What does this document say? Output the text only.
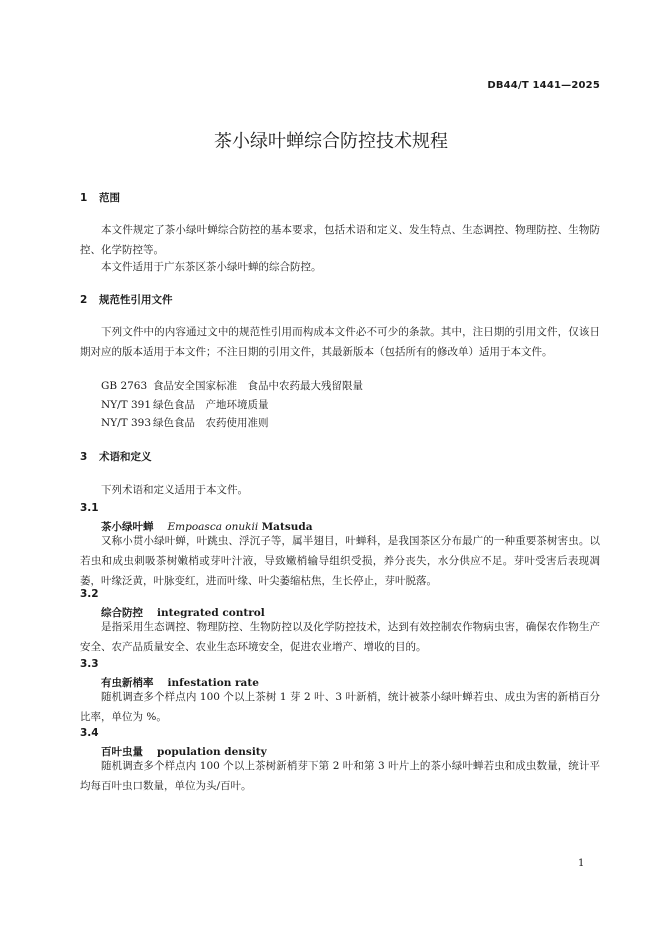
DB44/T 1441—2025
茶小绿叶蝉综合防控技术规程
1 范围

本文件规定了茶小绿叶蝉综合防控的基本要求，包括术语和定义、发生特点、生态调控、物理防控、生物防控、化学防控等。

本文件适用于广东茶区茶小绿叶蝉的综合防控。

2 规范性引用文件

下列文件中的内容通过文中的规范性引用而构成本文件必不可少的条款。其中，注日期的引用文件，仅该日期对应的版本适用于本文件；不注日期的引用文件，其最新版本（包括所有的修改单）适用于本文件。

GB 2763 食品安全国家标准　食品中农药最大残留限量
NY/T 391 绿色食品　产地环境质量
NY/T 393 绿色食品　农药使用准则
3 术语和定义

下列术语和定义适用于本文件。

3.1
茶小绿叶蝉 Empoasca onukii Matsuda

又称小贯小绿叶蝉，叶跳虫、浮沉子等，属半翅目，叶蝉科，是我国茶区分布最广的一种重要茶树害虫。以若虫和成虫刺吸茶树嫩梢或芽叶汁液，导致嫩梢输导组织受损，养分丧失，水分供应不足。芽叶受害后表现凋萎，叶缘泛黄，叶脉变红，进而叶缘、叶尖萎缩枯焦，生长停止，芽叶脱落。

3.2
综合防控 integrated control

是指采用生态调控、物理防控、生物防控以及化学防控技术，达到有效控制农作物病虫害，确保农作物生产安全、农产品质量安全、农业生态环境安全，促进农业增产、增收的目的。

3.3
有虫新梢率 infestation rate

随机调查多个样点内 100 个以上茶树 1 芽 2 叶、3 叶新梢，统计被茶小绿叶蝉若虫、成虫为害的新梢百分比率，单位为 %。

3.4
百叶虫量 population density

随机调查多个样点内 100 个以上茶树新梢芽下第 2 叶和第 3 叶片上的茶小绿叶蝉若虫和成虫数量，统计平均每百叶虫口数量，单位为头/百叶。

1
